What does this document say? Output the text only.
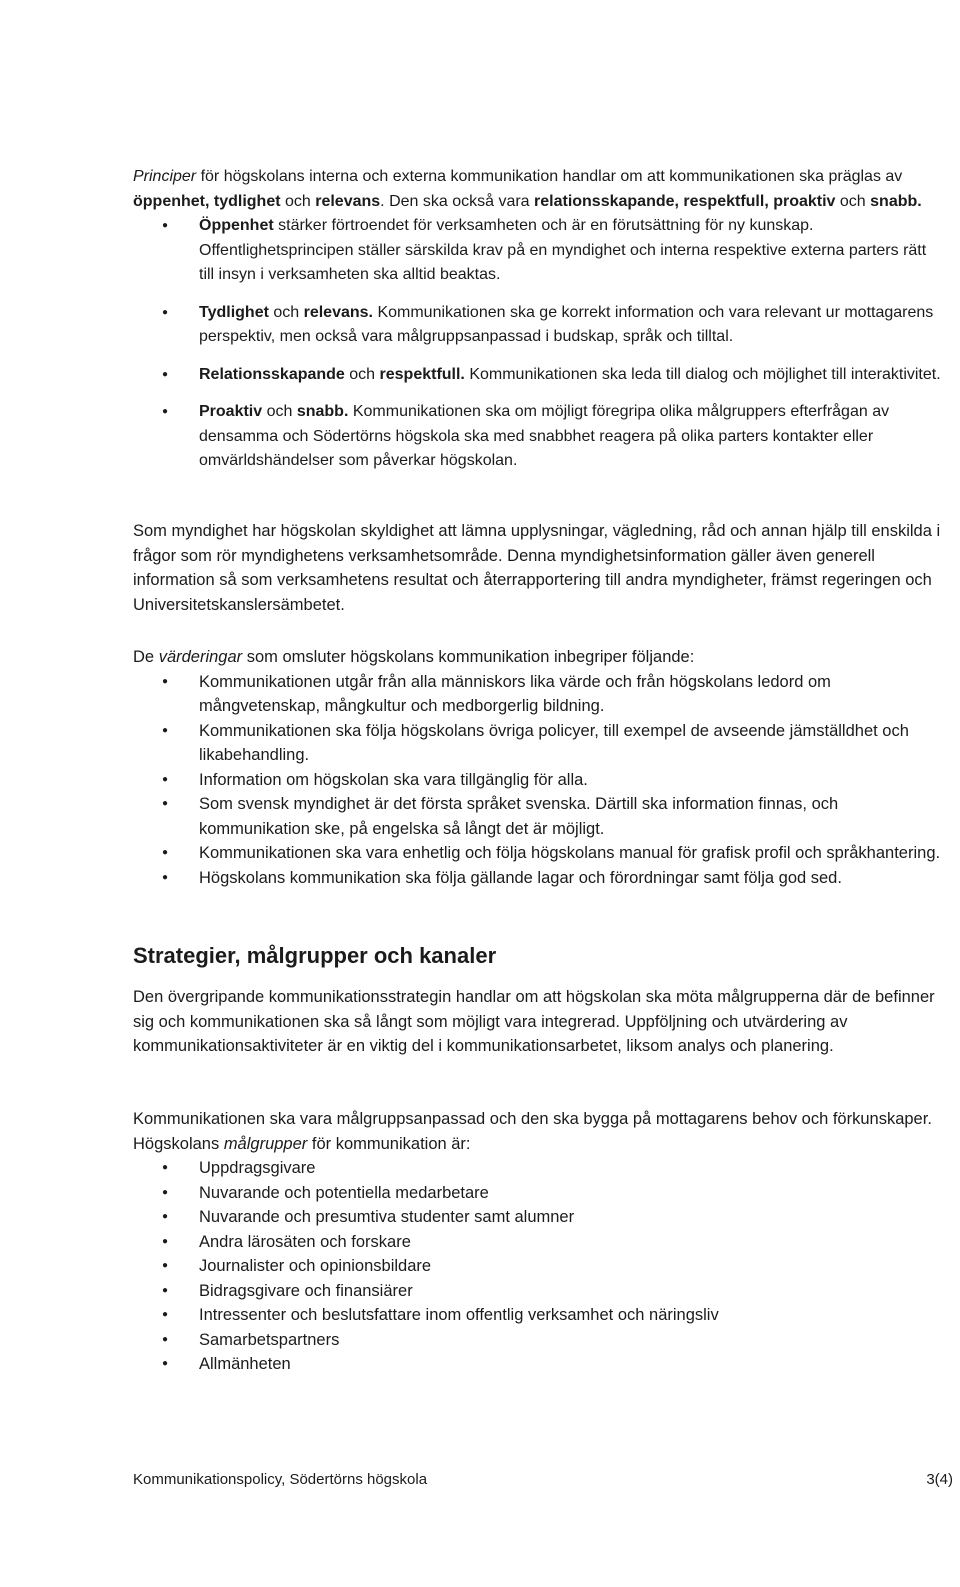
Principer för högskolans interna och externa kommunikation handlar om att kommunikationen ska präglas av öppenhet, tydlighet och relevans. Den ska också vara relationsskapande, respektfull, proaktiv och snabb.

● Öppenhet stärker förtroendet för verksamheten och är en förutsättning för ny kunskap.
Offentlighetsprincipen ställer särskilda krav på en myndighet och interna respektive externa parters rätt till insyn i verksamheten ska alltid beaktas.
● Tydlighet och relevans. Kommunikationen ska ge korrekt information och vara relevant ur mottagarens perspektiv, men också vara målgruppsanpassad i budskap, språk och tilltal.
● Relationsskapande och respektfull. Kommunikationen ska leda till dialog och möjlighet till interaktivitet.
● Proaktiv och snabb. Kommunikationen ska om möjligt föregripa olika målgruppers efterfrågan av densamma och Södertörns högskola ska med snabbhet reagera på olika parters kontakter eller omvärldshändelser som påverkar högskolan.

Som myndighet har högskolan skyldighet att lämna upplysningar, vägledning, råd och annan hjälp till enskilda i frågor som rör myndighetens verksamhetsområde. Denna myndighetsinformation gäller även generell information så som verksamhetens resultat och återrapportering till andra myndigheter, främst regeringen och Universitetskanslersämbetet.

De värderingar som omsluter högskolans kommunikation inbegriper följande:

● Kommunikationen utgår från alla människors lika värde och från högskolans ledord om mångvetenskap, mångkultur och medborgerlig bildning.
● Kommunikationen ska följa högskolans övriga policyer, till exempel de avseende jämställdhet och likabehandling.
● Information om högskolan ska vara tillgänglig för alla.
● Som svensk myndighet är det första språket svenska. Därtill ska information finnas, och kommunikation ske, på engelska så långt det är möjligt.
● Kommunikationen ska vara enhetlig och följa högskolans manual för grafisk profil och språkhantering.
● Högskolans kommunikation ska följa gällande lagar och förordningar samt följa god sed.
Strategier, målgrupper och kanaler

Den övergripande kommunikationsstrategin handlar om att högskolan ska möta målgrupperna där de befinner sig och kommunikationen ska så långt som möjligt vara integrerad. Uppföljning och utvärdering av kommunikationsaktiviteter är en viktig del i kommunikationsarbetet, liksom analys och planering.

Kommunikationen ska vara målgruppsanpassad och den ska bygga på mottagarens behov och förkunskaper. Högskolans målgrupper för kommunikation är:

● Uppdragsgivare
● Nuvarande och potentiella medarbetare
● Nuvarande och presumtiva studenter samt alumner
● Andra lärosäten och forskare
● Journalister och opinionsbildare
● Bidragsgivare och finansiärer
● Intressenter och beslutsfattare inom offentlig verksamhet och näringsliv
● Samarbetspartners
● Allmänheten
Kommunikationspolicy, Södertörns högskola	3(4)
